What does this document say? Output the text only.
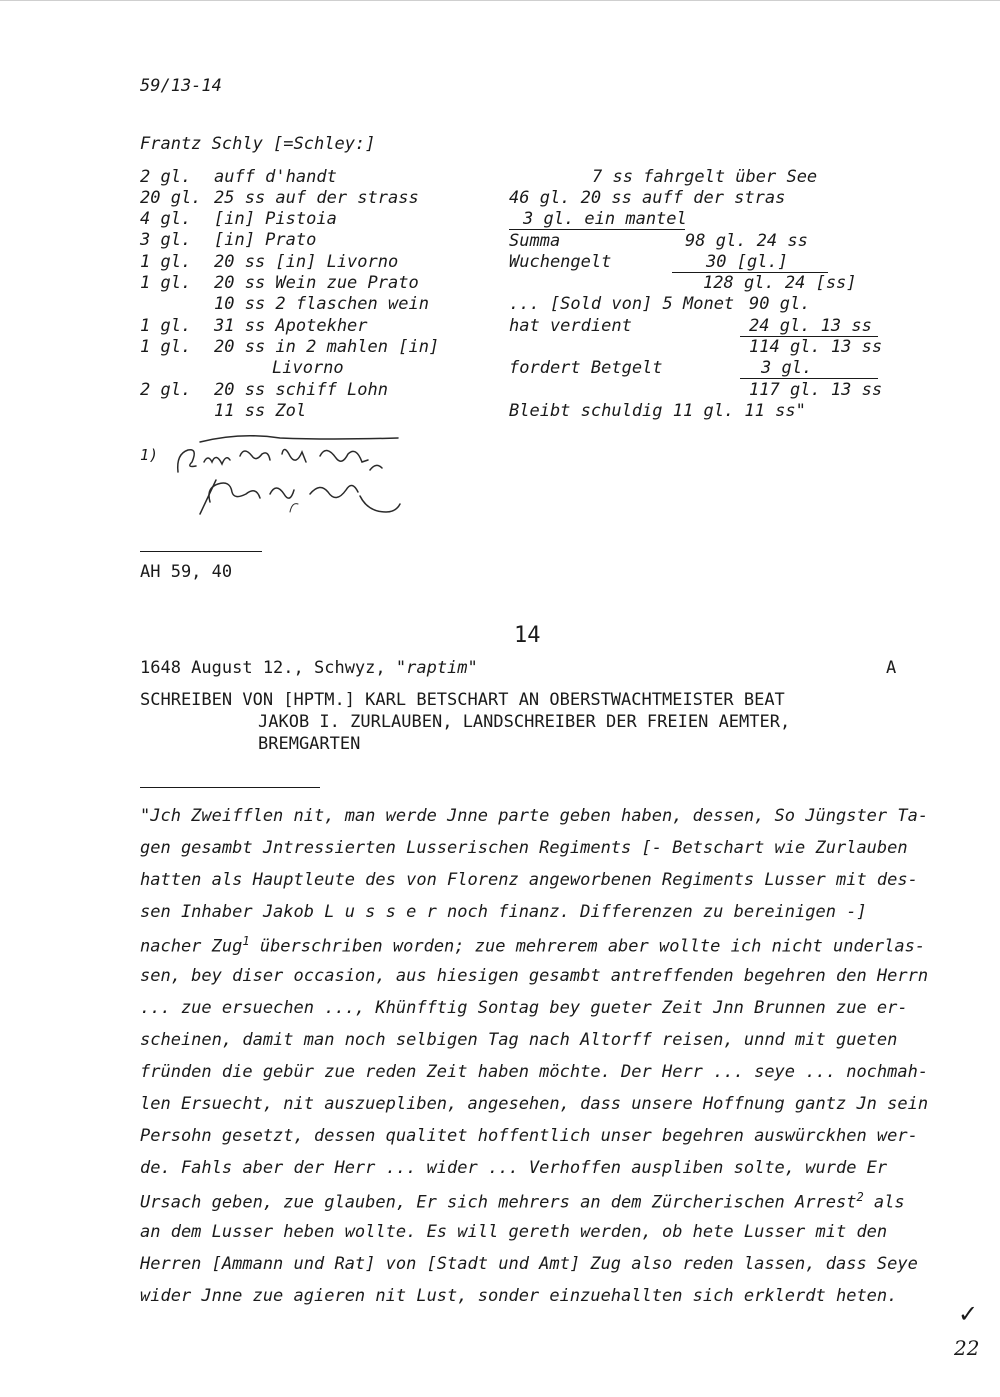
59/13-14
Frantz Schly [=Schley:]
2 gl. auff d'handt
20 gl. 25 ss auf der strass
4 gl. [in] Pistoia
3 gl. [in] Prato
1 gl. 20 ss [in] Livorno
1 gl. 20 ss Wein zue Prato
10 ss 2 flaschen wein
1 gl. 31 ss Apotekher
1 gl. 20 ss in 2 mahlen [in]
Livorno
2 gl. 20 ss schiff Lohn
11 ss Zol
7 ss fahrgelt über See
46 gl. 20 ss auff der stras
3 gl. ein mantel
Summa	98 gl. 24 ss
Wuchengelt	30 [gl.]
128 gl. 24 [ss]
... [Sold von] 5 Monet 90 gl.
hat verdient	24 gl. 13 ss
114 gl. 13 ss
fordert Betgelt	3 gl.
117 gl. 13 ss
Bleibt schuldig 11 gl. 11 ss"
1)
AH 59, 40
14
1648 August 12., Schwyz, "raptim"	A
SCHREIBEN VON [HPTM.] KARL BETSCHART AN OBERSTWACHTMEISTER BEAT
JAKOB I. ZURLAUBEN, LANDSCHREIBER DER FREIEN AEMTER,
BREMGARTEN
"Jch Zweifflen nit, man werde Jnne parte geben haben, dessen, So Jüngster Ta-
gen gesambt Jntressierten Lusserischen Regiments [- Betschart wie Zurlauben
hatten als Hauptleute des von Florenz angeworbenen Regiments Lusser mit des-
sen Inhaber Jakob L u s s e r noch finanz. Differenzen zu bereinigen -]
nacher Zug$^1$ überschriben worden; zue mehrerem aber wollte ich nicht underlas-
sen, bey diser occasion, aus hiesigen gesambt antreffenden begehren den Herrn
... zue ersuechen ..., Khünfftig Sontag bey gueter Zeit Jnn Brunnen zue er-
scheinen, damit man noch selbigen Tag nach Altorff reisen, unnd mit gueten
fründen die gebür zue reden Zeit haben möchte. Der Herr ... seye ... nochmah-
len Ersuecht, nit auszuepliben, angesehen, dass unsere Hoffnung gantz Jn sein
Persohn gesetzt, dessen qualitet hoffentlich unser begehren auswürckhen wer-
de. Fahls aber der Herr ... wider ... Verhoffen auspliben solte, wurde Er
Ursach geben, zue glauben, Er sich mehrers an dem Zürcherischen Arrest$^2$ als
an dem Lusser heben wollte. Es will gereth werden, ob hete Lusser mit den
Herren [Ammann und Rat] von [Stadt und Amt] Zug also reden lassen, dass Seye
wider Jnne zue agieren nit Lust, sonder einzuehallten sich erklerdt heten.
✓
22
